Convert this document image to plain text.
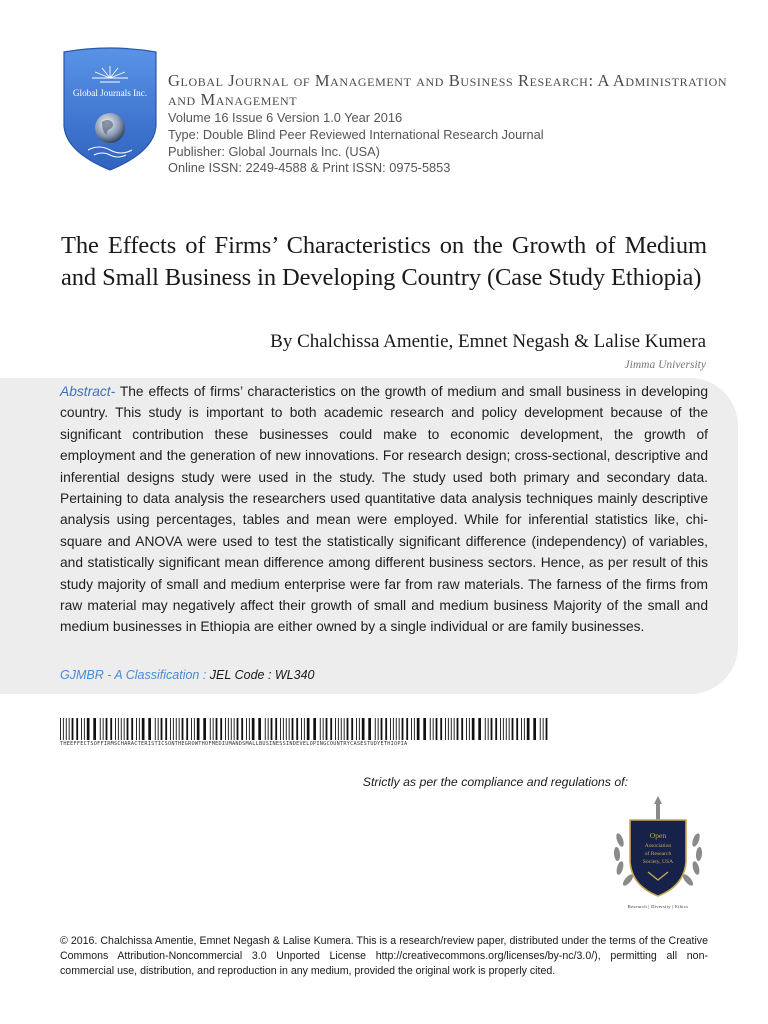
Global Journals Inc.
Global Journal of Management and Business Research: A Administration and Management
Volume 16 Issue 6 Version 1.0 Year 2016
Type: Double Blind Peer Reviewed International Research Journal
Publisher: Global Journals Inc. (USA)
Online ISSN: 2249-4588 & Print ISSN: 0975-5853
The Effects of Firms’ Characteristics on the Growth of Medium and Small Business in Developing Country (Case Study Ethiopia)
By Chalchissa Amentie, Emnet Negash & Lalise Kumera
Jimma University
Abstract- The effects of firms’ characteristics on the growth of medium and small business in developing country. This study is important to both academic research and policy development because of the significant contribution these businesses could make to economic development, the growth of employment and the generation of new innovations. For research design; cross-sectional, descriptive and inferential designs study were used in the study. The study used both primary and secondary data. Pertaining to data analysis the researchers used quantitative data analysis techniques mainly descriptive analysis using percentages, tables and mean were employed. While for inferential statistics like, chi-square and ANOVA were used to test the statistically significant difference (independency) of variables, and statistically significant mean difference among different business sectors. Hence, as per result of this study majority of small and medium enterprise were far from raw materials. The farness of the firms from raw material may negatively affect their growth of small and medium business Majority of the small and medium businesses in Ethiopia are either owned by a single individual or are family businesses.
GJMBR - A Classification : JEL Code : WL340
THEEFFECTSOFFIRMSCHARACTERISTICSONTHEGROWTHOFMEDIUMANDSMALLBUSINESSINDEVELOPINGCOUNTRYCASESTUDYETHIOPIA
Strictly as per the compliance and regulations of:
Open
Association
of Research
Society, USA
Research | Diversity | Ethics
© 2016. Chalchissa Amentie, Emnet Negash & Lalise Kumera. This is a research/review paper, distributed under the terms of the Creative Commons Attribution-Noncommercial 3.0 Unported License http://creativecommons.org/licenses/by-nc/3.0/), permitting all non-commercial use, distribution, and reproduction in any medium, provided the original work is properly cited.
